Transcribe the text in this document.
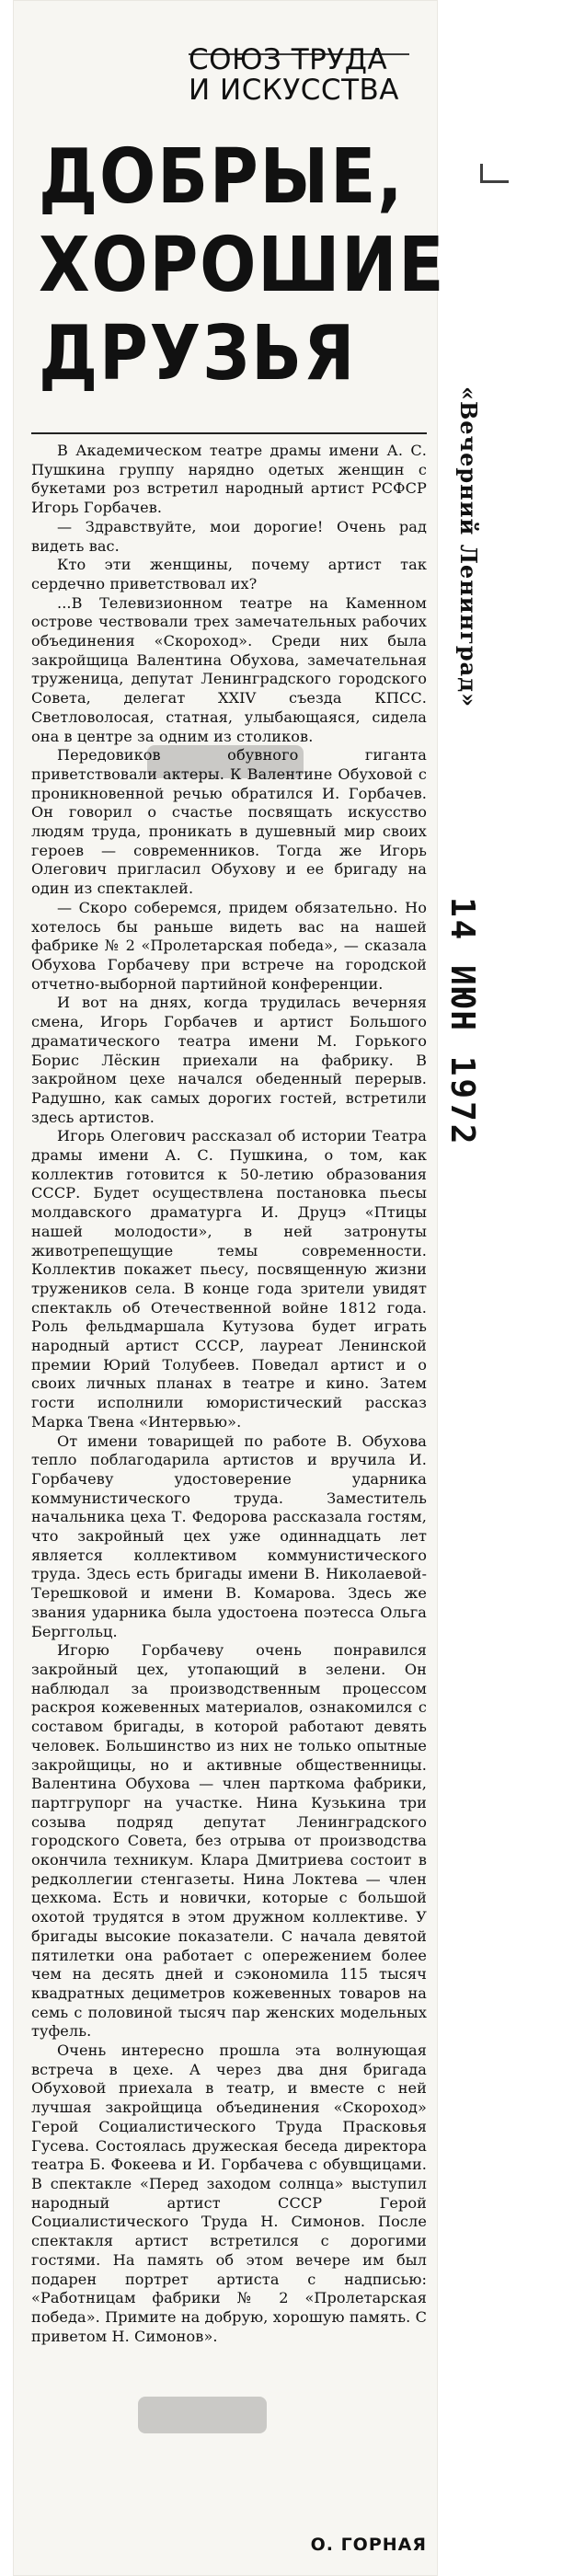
СОЮЗ ТРУДА
И ИСКУССТВА
ДОБРЫЕ,
ХОРОШИЕ
ДРУЗЬЯ

В Академическом театре драмы имени А. С. Пушкина группу нарядно одетых женщин с букетами роз встретил народный артист РСФСР Игорь Горбачев.

— Здравствуйте, мои дорогие! Очень рад видеть вас.

Кто эти женщины, почему артист так сердечно приветствовал их?

...В Телевизионном театре на Каменном острове чествовали трех замечательных рабочих объединения «Скороход». Среди них была закройщица Валентина Обухова, замечательная труженица, депутат Ленинградского городского Совета, делегат XXIV съезда КПСС. Светловолосая, статная, улыбающаяся, сидела она в центре за одним из столиков.

Передовиков обувного гиганта приветствовали актеры. К Валентине Обуховой с проникновенной речью обратился И. Горбачев. Он говорил о счастье посвящать искусство людям труда, проникать в душевный мир своих героев — современников. Тогда же Игорь Олегович пригласил Обухову и ее бригаду на один из спектаклей.

— Скоро соберемся, придем обязательно. Но хотелось бы раньше видеть вас на нашей фабрике № 2 «Пролетарская победа», — сказала Обухова Горбачеву при встрече на городской отчетно-выборной партийной конференции.

И вот на днях, когда трудилась вечерняя смена, Игорь Горбачев и артист Большого драматического театра имени М. Горького Борис Лёскин приехали на фабрику. В закройном цехе начался обеденный перерыв. Радушно, как самых дорогих гостей, встретили здесь артистов.

Игорь Олегович рассказал об истории Театра драмы имени А. С. Пушкина, о том, как коллектив готовится к 50-летию образования СССР. Будет осуществлена постановка пьесы молдавского драматурга И. Друцэ «Птицы нашей молодости», в ней затронуты животрепещущие темы современности. Коллектив покажет пьесу, посвященную жизни тружеников села. В конце года зрители увидят спектакль об Отечественной войне 1812 года. Роль фельдмаршала Кутузова будет играть народный артист СССР, лауреат Ленинской премии Юрий Толубеев. Поведал артист и о своих личных планах в театре и кино. Затем гости исполнили юмористический рассказ Марка Твена «Интервью».

От имени товарищей по работе В. Обухова тепло поблагодарила артистов и вручила И. Горбачеву удостоверение ударника коммунистического труда. Заместитель начальника цеха Т. Федорова рассказала гостям, что закройный цех уже одиннадцать лет является коллективом коммунистического труда. Здесь есть бригады имени В. Николаевой-Терешковой и имени В. Комарова. Здесь же звания ударника была удостоена поэтесса Ольга Берггольц.

Игорю Горбачеву очень понравился закройный цех, утопающий в зелени. Он наблюдал за производственным процессом раскроя кожевенных материалов, ознакомился с составом бригады, в которой работают девять человек. Большинство из них не только опытные закройщицы, но и активные общественницы. Валентина Обухова — член парткома фабрики, партгрупорг на участке. Нина Кузькина три созыва подряд депутат Ленинградского городского Совета, без отрыва от производства окончила техникум. Клара Дмитриева состоит в редколлегии стенгазеты. Нина Локтева — член цехкома. Есть и новички, которые с большой охотой трудятся в этом дружном коллективе. У бригады высокие показатели. С начала девятой пятилетки она работает с опережением более чем на десять дней и сэкономила 115 тысяч квадратных дециметров кожевенных товаров на семь с половиной тысяч пар женских модельных туфель.

Очень интересно прошла эта волнующая встреча в цехе. А через два дня бригада Обуховой приехала в театр, и вместе с ней лучшая закройщица объединения «Скороход» Герой Социалистического Труда Прасковья Гусева. Состоялась дружеская беседа директора театра Б. Фокеева и И. Горбачева с обувщицами. В спектакле «Перед заходом солнца» выступил народный артист СССР Герой Социалистического Труда Н. Симонов. После спектакля артист встретился с дорогими гостями. На память об этом вечере им был подарен портрет артиста с надписью: «Работницам фабрики № 2 «Пролетарская победа». Примите на добрую, хорошую память. С приветом Н. Симонов».

О. ГОРНАЯ
«Вечерний Ленинград»
14 ИЮН 1972
